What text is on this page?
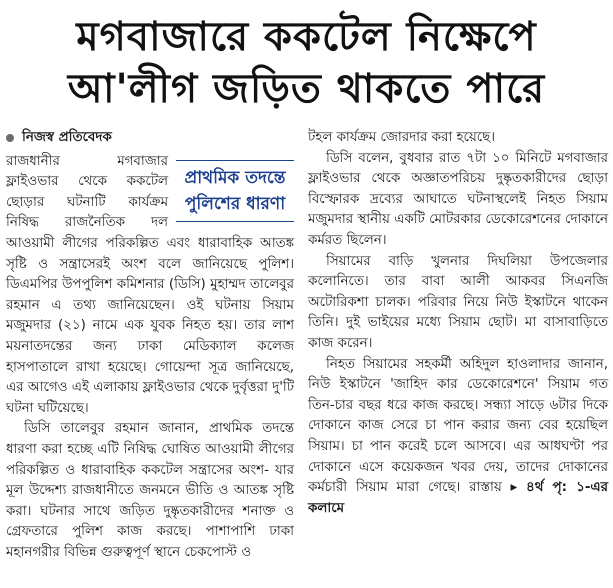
মগবাজারে ককটেল নিক্ষেপে
আ'লীগ জড়িত থাকতে পারে
নিজস্ব প্রতিবেদক
প্রাথমিক তদন্তে
পুলিশের ধারণা

রাজধানীর মগবাজার ফ্লাইওভার থেকে ককটেল ছোড়ার ঘটনাটি কার্যক্রম নিষিদ্ধ রাজনৈতিক দল আওয়ামী লীগের পরিকল্পিত এবং ধারাবাহিক আতঙ্ক সৃষ্টি ও সন্ত্রাসেরই অংশ বলে জানিয়েছে পুলিশ। ডিএমপির উপপুলিশ কমিশনার (ডিসি) মুহাম্মদ তালেবুর রহমান এ তথ্য জানিয়েছেন। ওই ঘটনায় সিয়াম মজুমদার (২১) নামে এক যুবক নিহত হয়। তার লাশ ময়নাতদন্তের জন্য ঢাকা মেডিক্যাল কলেজ হাসপাতালে রাখা হয়েছে। গোয়েন্দা সূত্র জানিয়েছে, এর আগেও এই এলাকায় ফ্লাইওভার থেকে দুর্বৃত্তরা দু'টি ঘটনা ঘটিয়েছে।

ডিসি তালেবুর রহমান জানান, প্রাথমিক তদন্তে ধারণা করা হচ্ছে এটি নিষিদ্ধ ঘোষিত আওয়ামী লীগের পরিকল্পিত ও ধারাবাহিক ককটেল সন্ত্রাসের অংশ- যার মূল উদ্দেশ্য রাজধানীতে জনমনে ভীতি ও আতঙ্ক সৃষ্টি করা। ঘটনার সাথে জড়িত দুষ্কৃতকারীদের শনাক্ত ও গ্রেফতারে পুলিশ কাজ করছে। পাশাপাশি ঢাকা মহানগরীর বিভিন্ন গুরুত্বপূর্ণ স্থানে চেকপোস্ট ও

টহল কার্যক্রম জোরদার করা হয়েছে।

ডিসি বলেন, বুধবার রাত ৭টা ১০ মিনিটে মগবাজার ফ্লাইওভার থেকে অজ্ঞাতপরিচয় দুষ্কৃতকারীদের ছোড়া বিস্ফোরক দ্রব্যের আঘাতে ঘটনাস্থলেই নিহত সিয়াম মজুমদার স্থানীয় একটি মোটরকার ডেকোরেশনের দোকানে কর্মরত ছিলেন।

সিয়ামের বাড়ি খুলনার দিঘলিয়া উপজেলার কলোনিতে। তার বাবা আলী আকবর সিএনজি অটোরিকশা চালক। পরিবার নিয়ে নিউ ইস্কাটনে থাকেন তিনি। দুই ভাইয়ের মধ্যে সিয়াম ছোট। মা বাসাবাড়িতে কাজ করেন।

নিহত সিয়ামের সহকর্মী অহিদুল হাওলাদার জানান, নিউ ইস্কাটনে 'জাহিদ কার ডেকোরেশনে' সিয়াম গত তিন-চার বছর ধরে কাজ করছে। সন্ধ্যা সাড়ে ৬টার দিকে দোকানে কাজ সেরে চা পান করার জন্য বের হয়েছিল সিয়াম। চা পান করেই চলে আসবে। এর আধঘণ্টা পর দোকানে এসে কয়েকজন খবর দেয়, তাদের দোকানের কর্মচারী সিয়াম মারা গেছে। রাস্তায় ▸ ৪র্থ পৃ: ১-এর কলামে
